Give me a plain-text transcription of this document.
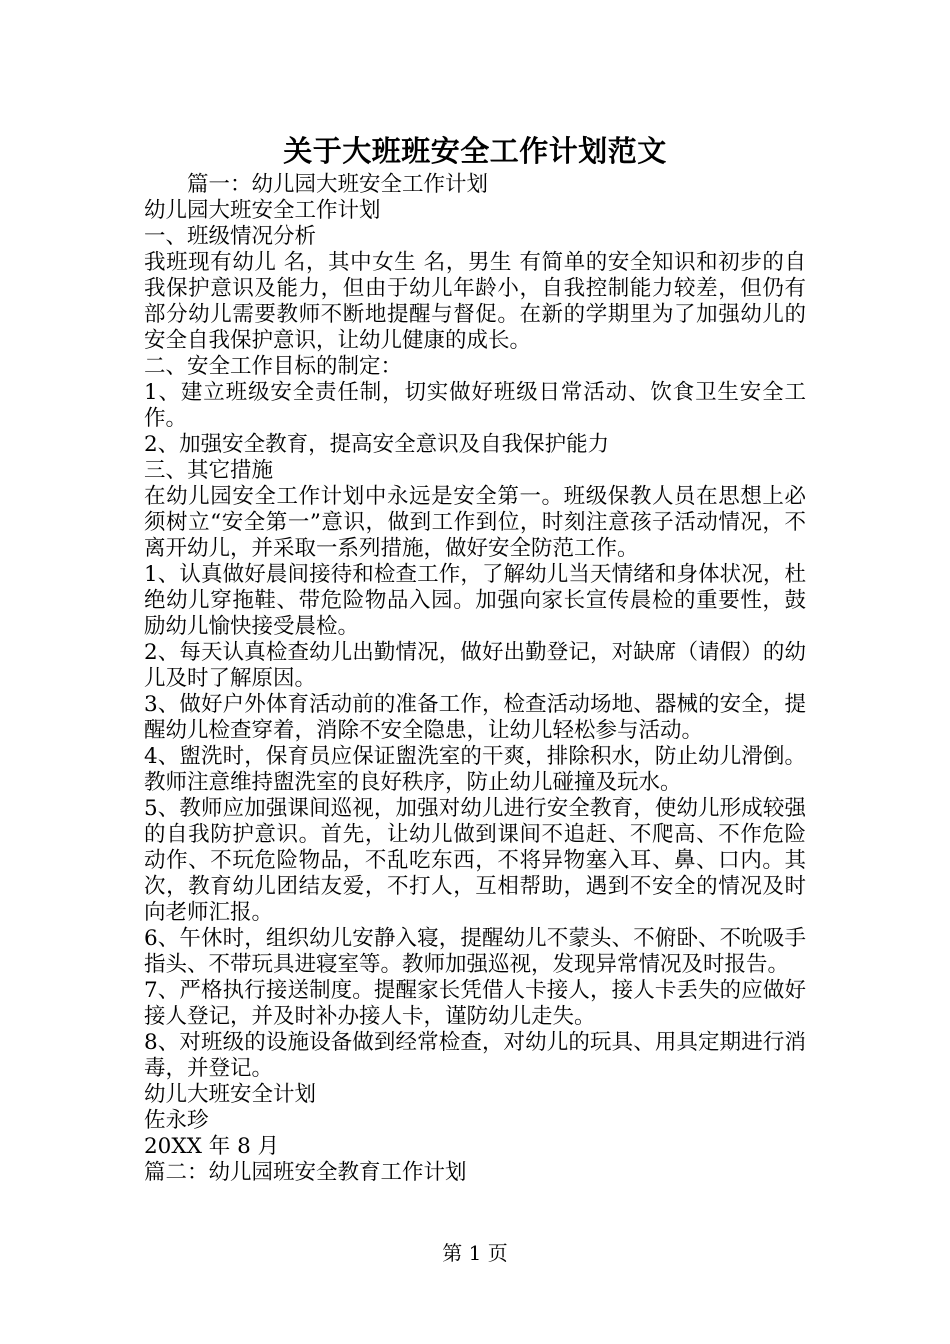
关于大班班安全工作计划范文

篇一：幼儿园大班安全工作计划

幼儿园大班安全工作计划

一、班级情况分析

我班现有幼儿 名，其中女生 名，男生 有简单的安全知识和初步的自我保护意识及能力，但由于幼儿年龄小，自我控制能力较差，但仍有部分幼儿需要教师不断地提醒与督促。在新的学期里为了加强幼儿的安全自我保护意识，让幼儿健康的成长。

二、安全工作目标的制定：

1、建立班级安全责任制，切实做好班级日常活动、饮食卫生安全工作。

2、加强安全教育，提高安全意识及自我保护能力

三、其它措施

在幼儿园安全工作计划中永远是安全第一。班级保教人员在思想上必须树立“安全第一”意识，做到工作到位，时刻注意孩子活动情况，不离开幼儿，并采取一系列措施，做好安全防范工作。

1、认真做好晨间接待和检查工作，了解幼儿当天情绪和身体状况，杜绝幼儿穿拖鞋、带危险物品入园。加强向家长宣传晨检的重要性，鼓励幼儿愉快接受晨检。

2、每天认真检查幼儿出勤情况，做好出勤登记，对缺席（请假）的幼儿及时了解原因。

3、做好户外体育活动前的准备工作，检查活动场地、器械的安全，提醒幼儿检查穿着，消除不安全隐患，让幼儿轻松参与活动。

4、盥洗时，保育员应保证盥洗室的干爽，排除积水，防止幼儿滑倒。教师注意维持盥洗室的良好秩序，防止幼儿碰撞及玩水。

5、教师应加强课间巡视，加强对幼儿进行安全教育，使幼儿形成较强的自我防护意识。首先，让幼儿做到课间不追赶、不爬高、不作危险动作、不玩危险物品，不乱吃东西，不将异物塞入耳、鼻、口内。其次，教育幼儿团结友爱，不打人，互相帮助，遇到不安全的情况及时向老师汇报。

6、午休时，组织幼儿安静入寝，提醒幼儿不蒙头、不俯卧、不吮吸手指头、不带玩具进寝室等。教师加强巡视，发现异常情况及时报告。

7、严格执行接送制度。提醒家长凭借人卡接人，接人卡丢失的应做好接人登记，并及时补办接人卡，谨防幼儿走失。

8、对班级的设施设备做到经常检查，对幼儿的玩具、用具定期进行消毒，并登记。

幼儿大班安全计划

佐永珍

20XX 年 8 月

篇二：幼儿园班安全教育工作计划

第 1 页
